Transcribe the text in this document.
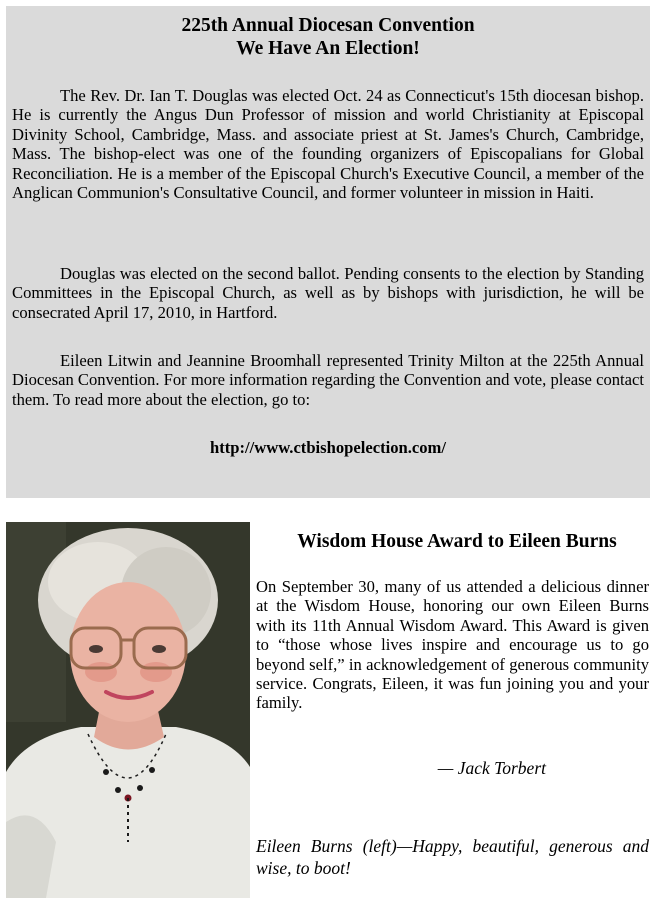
225th Annual Diocesan Convention
We Have An Election!

The Rev. Dr. Ian T. Douglas was elected Oct. 24 as Connecticut's 15th diocesan bishop. He is currently the Angus Dun Professor of mission and world Christianity at Episcopal Divinity School, Cambridge, Mass. and associate priest at St. James's Church, Cambridge, Mass. The bishop-elect was one of the founding organizers of Episcopalians for Global Reconciliation. He is a member of the Episcopal Church's Executive Council, a member of the Anglican Communion's Consultative Council, and former volunteer in mission in Haiti.

Douglas was elected on the second ballot. Pending consents to the election by Standing Committees in the Episcopal Church, as well as by bishops with jurisdiction, he will be consecrated April 17, 2010, in Hartford.

Eileen Litwin and Jeannine Broomhall represented Trinity Milton at the 225th Annual Diocesan Convention. For more information regarding the Convention and vote, please contact them. To read more about the election, go to:

http://www.ctbishopelection.com/
Wisdom House Award to Eileen Burns

On September 30, many of us attended a delicious dinner at the Wisdom House, honoring our own Eileen Burns with its 11th Annual Wisdom Award. This Award is given to “those whose lives inspire and encourage us to go beyond self,” in acknowledgement of generous community service. Congrats, Eileen, it was fun joining you and your family.

— Jack Torbert

Eileen Burns (left)—Happy, beautiful, generous and wise, to boot!
